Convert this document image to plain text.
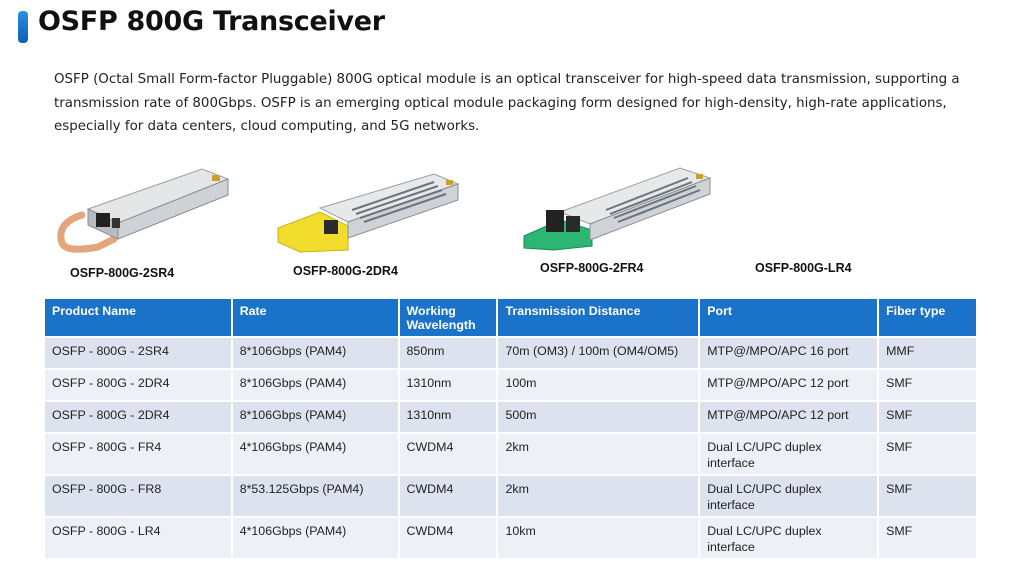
OSFP 800G Transceiver
OSFP (Octal Small Form-factor Pluggable) 800G optical module is an optical transceiver for high-speed data transmission, supporting a transmission rate of 800Gbps. OSFP is an emerging optical module packaging form designed for high-density, high-rate applications, especially for data centers, cloud computing, and 5G networks.
OSFP-800G-2SR4	OSFP-800G-2DR4	OSFP-800G-2FR4	OSFP-800G-LR4
Product Name	Rate	Working Wavelength	Transmission Distance	Port	Fiber type
OSFP - 800G - 2SR4	8*106Gbps (PAM4)	850nm	70m (OM3) / 100m (OM4/OM5)	MTP@/MPO/APC 16 port	MMF
OSFP - 800G - 2DR4	8*106Gbps (PAM4)	1310nm	100m	MTP@/MPO/APC 12 port	SMF
OSFP - 800G - 2DR4	8*106Gbps (PAM4)	1310nm	500m	MTP@/MPO/APC 12 port	SMF
OSFP - 800G - FR4	4*106Gbps (PAM4)	CWDM4	2km	Dual LC/UPC duplex interface	SMF
OSFP - 800G - FR8	8*53.125Gbps (PAM4)	CWDM4	2km	Dual LC/UPC duplex interface	SMF
OSFP - 800G - LR4	4*106Gbps (PAM4)	CWDM4	10km	Dual LC/UPC duplex interface	SMF
